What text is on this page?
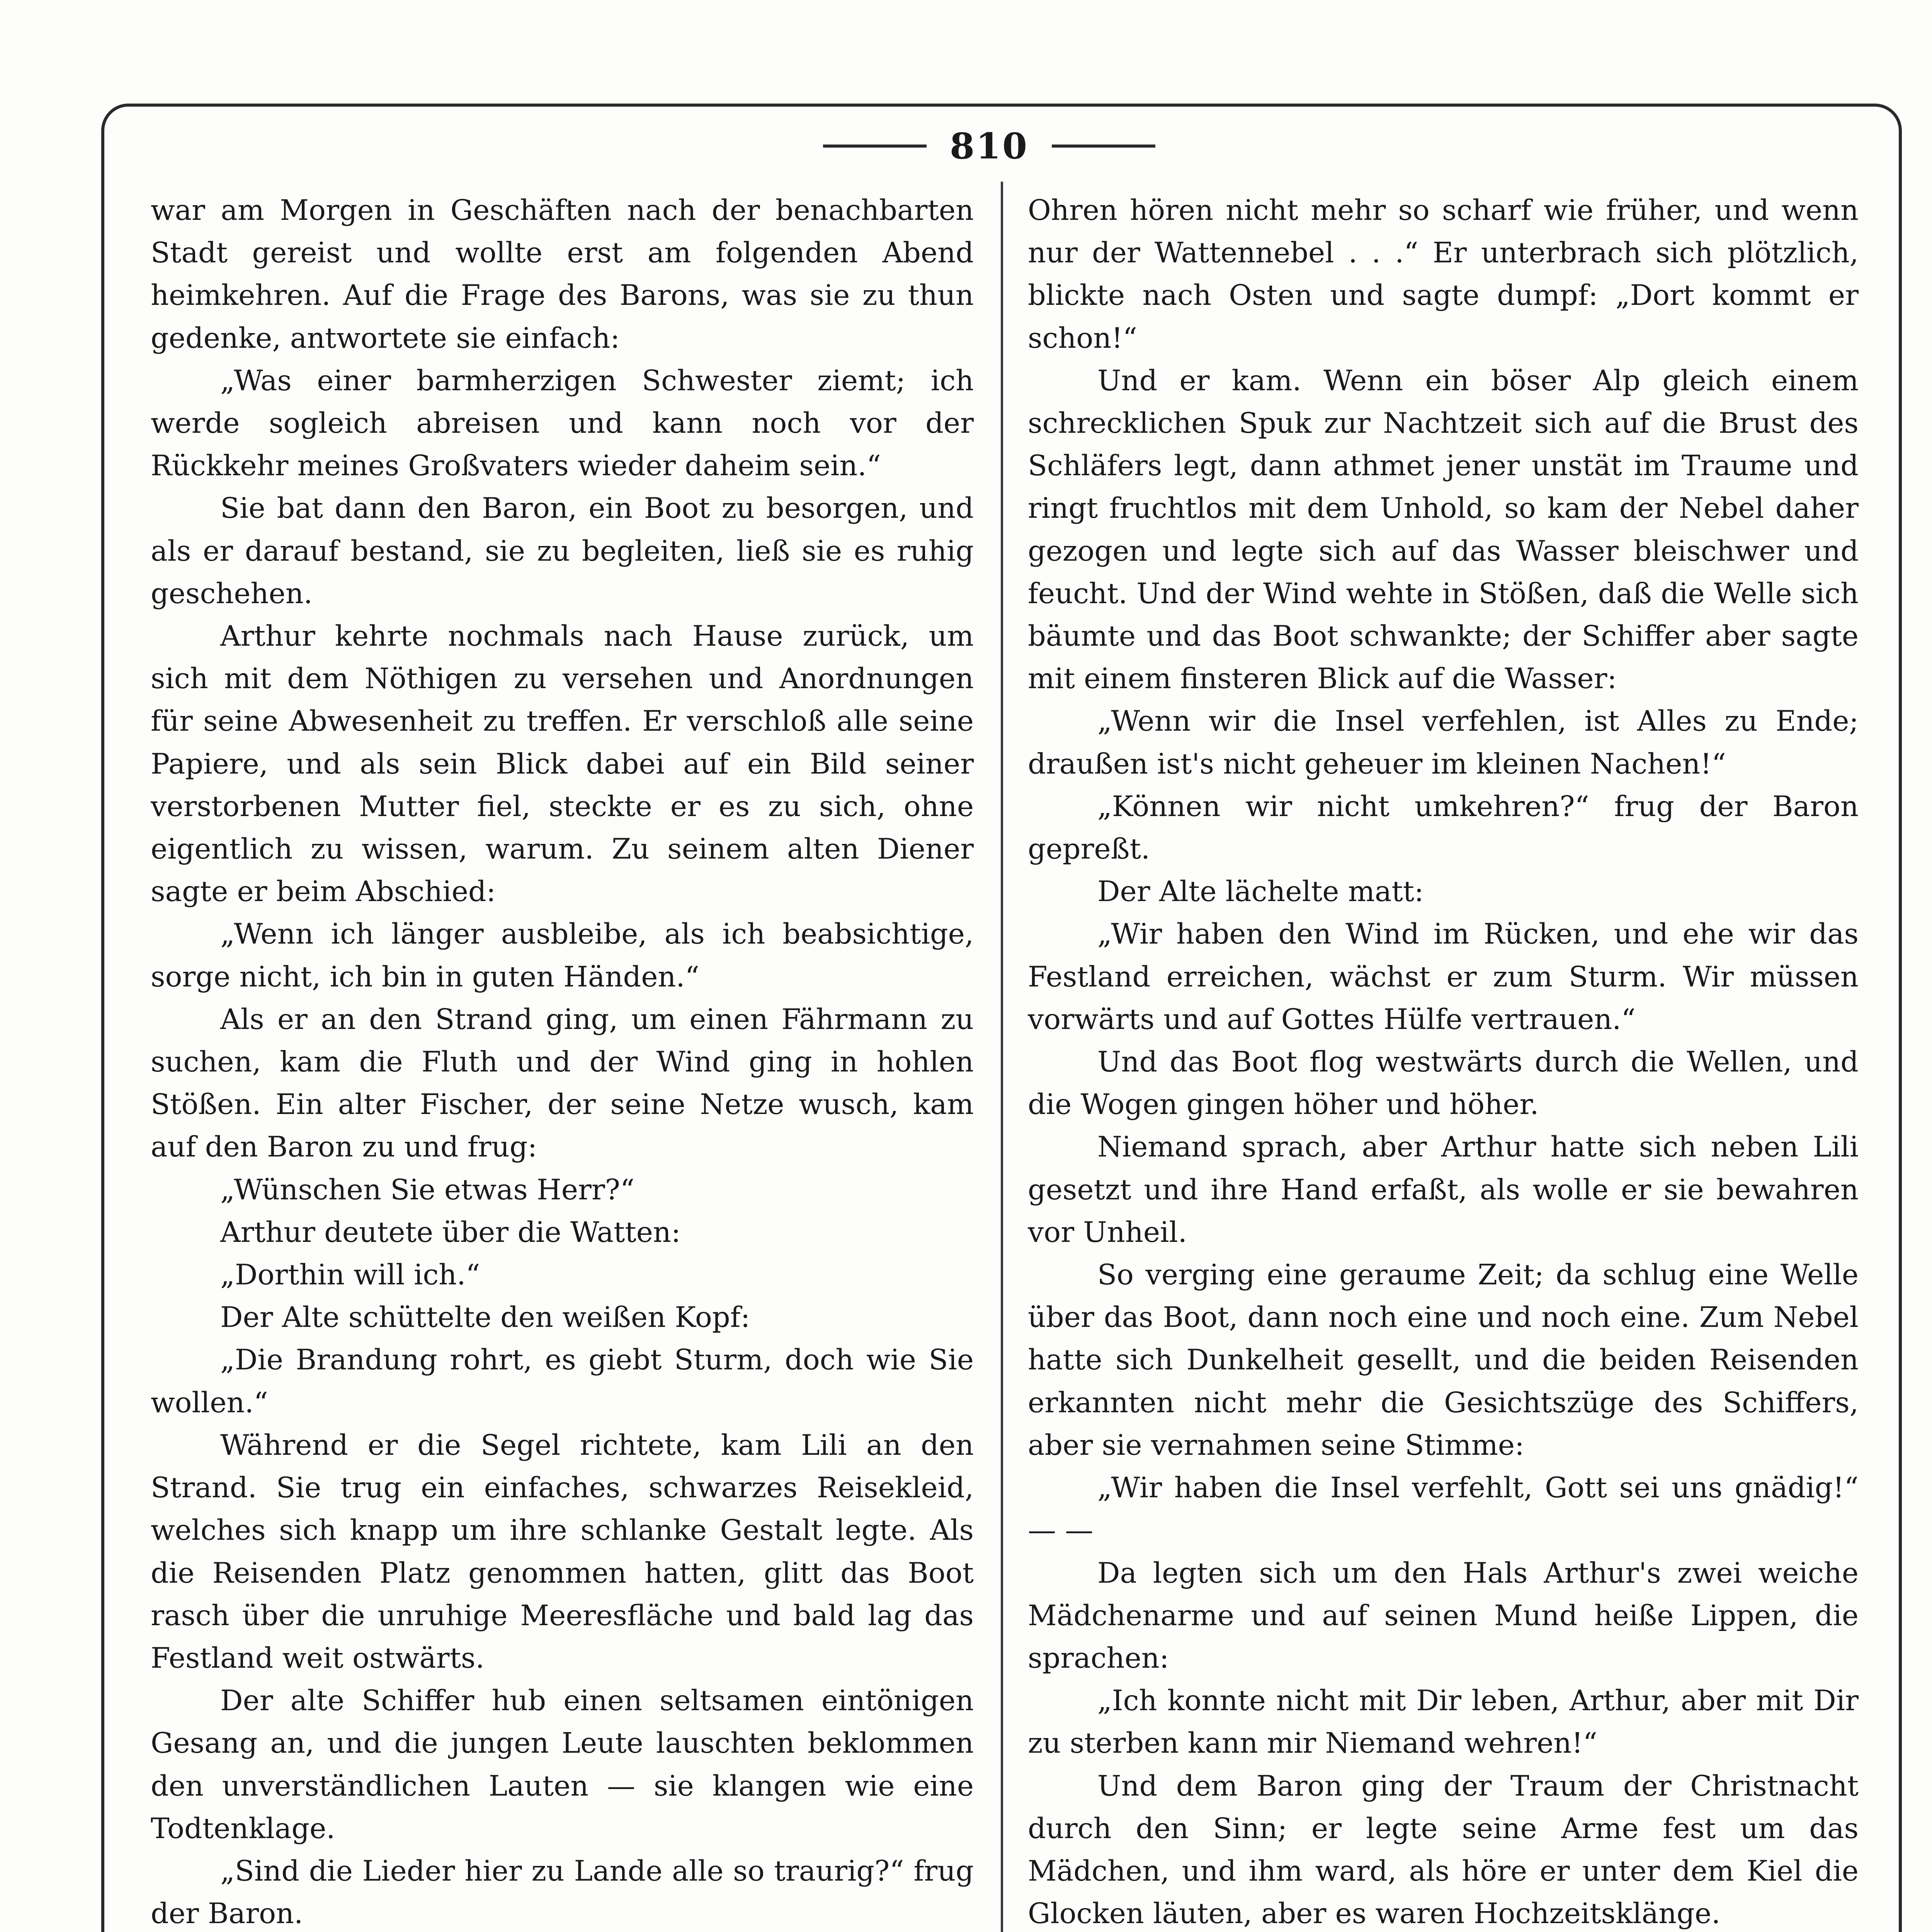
810

war am Morgen in Geschäften nach der benachbarten Stadt gereist und wollte erst am folgenden Abend heimkehren. Auf die Frage des Barons, was sie zu thun gedenke, antwortete sie einfach:

„Was einer barmherzigen Schwester ziemt; ich werde sogleich abreisen und kann noch vor der Rückkehr meines Großvaters wieder daheim sein.“

Sie bat dann den Baron, ein Boot zu besorgen, und als er darauf bestand, sie zu begleiten, ließ sie es ruhig geschehen.

Arthur kehrte nochmals nach Hause zurück, um sich mit dem Nöthigen zu versehen und Anordnungen für seine Abwesenheit zu treffen. Er verschloß alle seine Papiere, und als sein Blick dabei auf ein Bild seiner verstorbenen Mutter fiel, steckte er es zu sich, ohne eigentlich zu wissen, warum. Zu seinem alten Diener sagte er beim Abschied:

„Wenn ich länger ausbleibe, als ich beabsichtige, sorge nicht, ich bin in guten Händen.“

Als er an den Strand ging, um einen Fährmann zu suchen, kam die Fluth und der Wind ging in hohlen Stößen. Ein alter Fischer, der seine Netze wusch, kam auf den Baron zu und frug:

„Wünschen Sie etwas Herr?“

Arthur deutete über die Watten:

„Dorthin will ich.“

Der Alte schüttelte den weißen Kopf:

„Die Brandung rohrt, es giebt Sturm, doch wie Sie wollen.“

Während er die Segel richtete, kam Lili an den Strand. Sie trug ein einfaches, schwarzes Reisekleid, welches sich knapp um ihre schlanke Gestalt legte. Als die Reisenden Platz genommen hatten, glitt das Boot rasch über die unruhige Meeresfläche und bald lag das Festland weit ostwärts.

Der alte Schiffer hub einen seltsamen eintönigen Gesang an, und die jungen Leute lauschten beklommen den unverständlichen Lauten — sie klangen wie eine Todtenklage.

„Sind die Lieder hier zu Lande alle so traurig?“ frug der Baron.

Ohren hören nicht mehr so scharf wie früher, und wenn nur der Wattennebel . . .“ Er unterbrach sich plötzlich, blickte nach Osten und sagte dumpf: „Dort kommt er schon!“

Und er kam. Wenn ein böser Alp gleich einem schrecklichen Spuk zur Nachtzeit sich auf die Brust des Schläfers legt, dann athmet jener unstät im Traume und ringt fruchtlos mit dem Unhold, so kam der Nebel daher gezogen und legte sich auf das Wasser bleischwer und feucht. Und der Wind wehte in Stößen, daß die Welle sich bäumte und das Boot schwankte; der Schiffer aber sagte mit einem finsteren Blick auf die Wasser:

„Wenn wir die Insel verfehlen, ist Alles zu Ende; draußen ist's nicht geheuer im kleinen Nachen!“

„Können wir nicht umkehren?“ frug der Baron gepreßt.

Der Alte lächelte matt:

„Wir haben den Wind im Rücken, und ehe wir das Festland erreichen, wächst er zum Sturm. Wir müssen vorwärts und auf Gottes Hülfe vertrauen.“

Und das Boot flog westwärts durch die Wellen, und die Wogen gingen höher und höher.

Niemand sprach, aber Arthur hatte sich neben Lili gesetzt und ihre Hand erfaßt, als wolle er sie bewahren vor Unheil.

So verging eine geraume Zeit; da schlug eine Welle über das Boot, dann noch eine und noch eine. Zum Nebel hatte sich Dunkelheit gesellt, und die beiden Reisenden erkannten nicht mehr die Gesichtszüge des Schiffers, aber sie vernahmen seine Stimme:

„Wir haben die Insel verfehlt, Gott sei uns gnädig!“ — —

Da legten sich um den Hals Arthur's zwei weiche Mädchenarme und auf seinen Mund heiße Lippen, die sprachen:

„Ich konnte nicht mit Dir leben, Arthur, aber mit Dir zu sterben kann mir Niemand wehren!“

Und dem Baron ging der Traum der Christnacht durch den Sinn; er legte seine Arme fest um das Mädchen, und ihm ward, als höre er unter dem Kiel die Glocken läuten, aber es waren Hochzeitsklänge.
